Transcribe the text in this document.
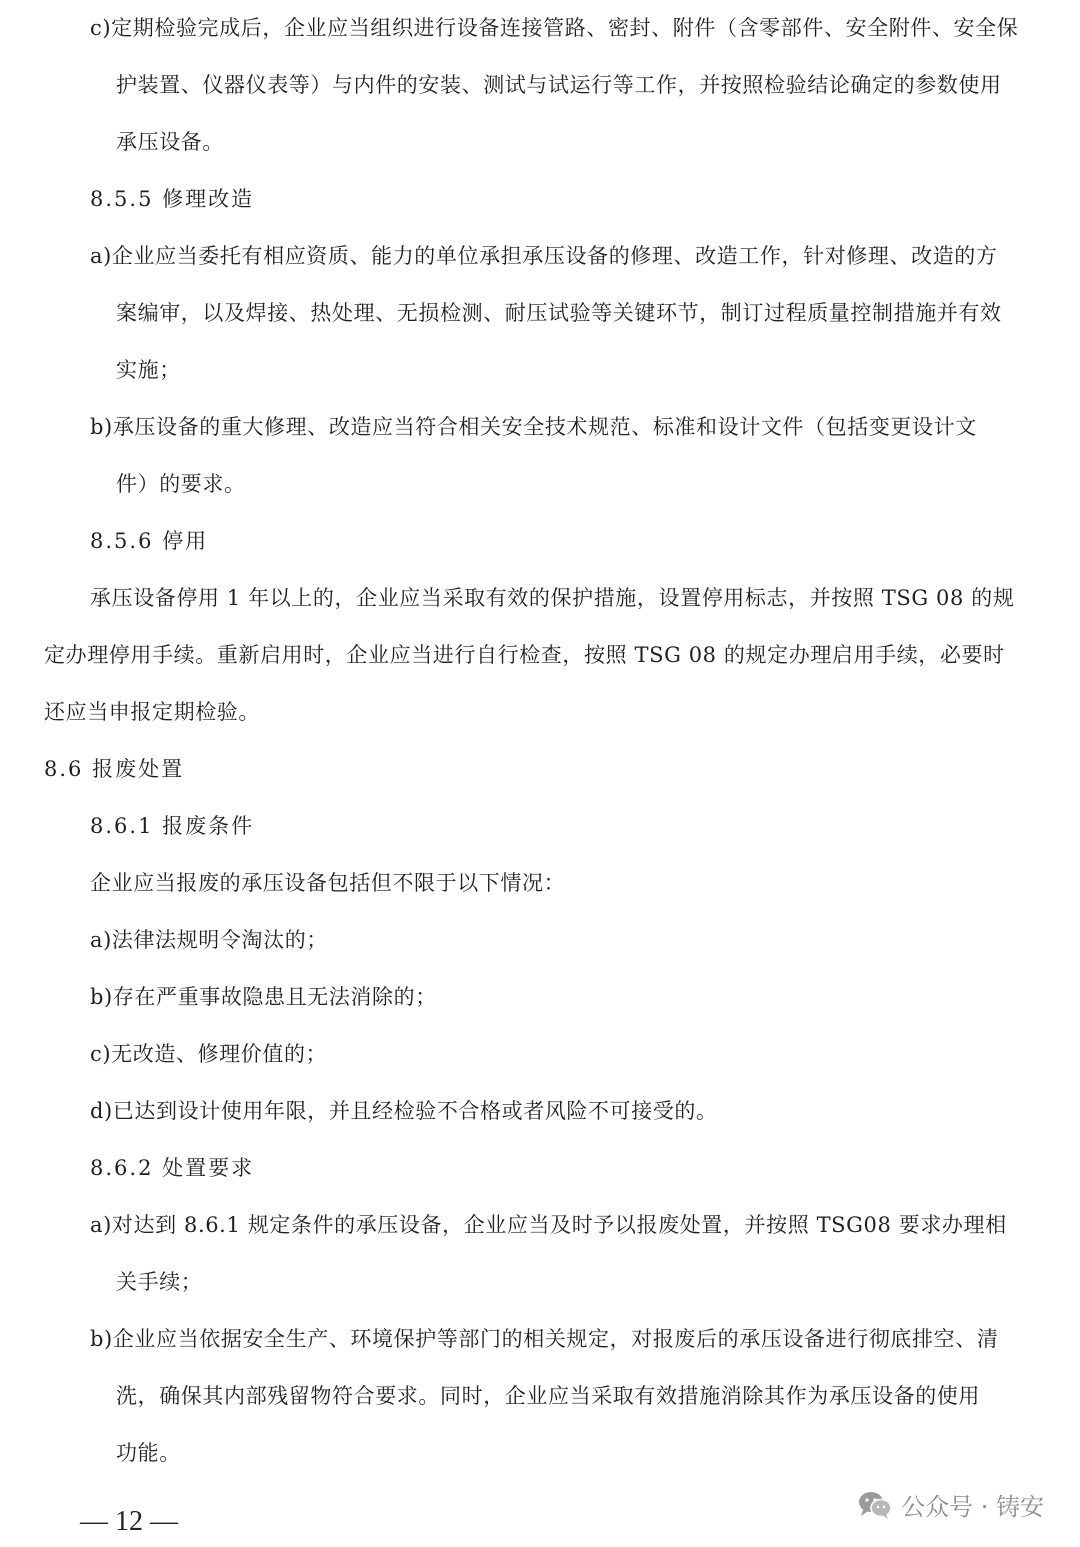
c)定期检验完成后，企业应当组织进行设备连接管路、密封、附件（含零部件、安全附件、安全保
护装置、仪器仪表等）与内件的安装、测试与试运行等工作，并按照检验结论确定的参数使用
承压设备。
8.5.5 修理改造
a)企业应当委托有相应资质、能力的单位承担承压设备的修理、改造工作，针对修理、改造的方
案编审，以及焊接、热处理、无损检测、耐压试验等关键环节，制订过程质量控制措施并有效
实施；
b)承压设备的重大修理、改造应当符合相关安全技术规范、标准和设计文件（包括变更设计文
件）的要求。
8.5.6 停用
承压设备停用 1 年以上的，企业应当采取有效的保护措施，设置停用标志，并按照 TSG 08 的规
定办理停用手续。重新启用时，企业应当进行自行检查，按照 TSG 08 的规定办理启用手续，必要时
还应当申报定期检验。
8.6 报废处置
8.6.1 报废条件
企业应当报废的承压设备包括但不限于以下情况：
a)法律法规明令淘汰的；
b)存在严重事故隐患且无法消除的；
c)无改造、修理价值的；
d)已达到设计使用年限，并且经检验不合格或者风险不可接受的。
8.6.2 处置要求
a)对达到 8.6.1 规定条件的承压设备，企业应当及时予以报废处置，并按照 TSG08 要求办理相
关手续；
b)企业应当依据安全生产、环境保护等部门的相关规定，对报废后的承压设备进行彻底排空、清
洗，确保其内部残留物符合要求。同时，企业应当采取有效措施消除其作为承压设备的使用
功能。
— 12 —	公众号 · 铸安
